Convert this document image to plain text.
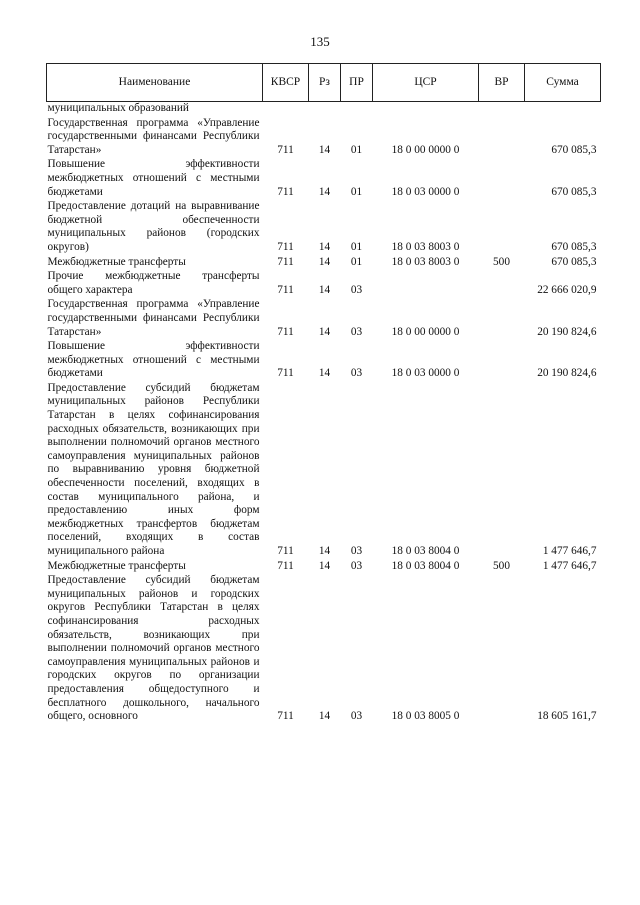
135
Наименование	КВСР	Рз	ПР	ЦСР	ВР	Сумма
муниципальных образований						
Государственная программа «Управление государственными финансами Республики Татарстан»	711	14	01	18 0 00 0000 0		670 085,3
Повышение эффективности межбюджетных отношений с местными бюджетами	711	14	01	18 0 03 0000 0		670 085,3
Предоставление дотаций на выравнивание бюджетной обеспеченности муниципальных районов (городских округов)	711	14	01	18 0 03 8003 0		670 085,3
Межбюджетные трансферты	711	14	01	18 0 03 8003 0	500	670 085,3
Прочие межбюджетные трансферты общего характера	711	14	03			22 666 020,9
Государственная программа «Управление государственными финансами Республики Татарстан»	711	14	03	18 0 00 0000 0		20 190 824,6
Повышение эффективности межбюджетных отношений с местными бюджетами	711	14	03	18 0 03 0000 0		20 190 824,6
Предоставление субсидий бюджетам муниципальных районов Республики Татарстан в целях софинансирования расходных обязательств, возникающих при выполнении полномочий органов местного самоуправления муниципальных районов по выравниванию уровня бюджетной обеспеченности поселений, входящих в состав муниципального района, и предоставлению иных форм межбюджетных трансфертов бюджетам поселений, входящих в состав муниципального района	711	14	03	18 0 03 8004 0		1 477 646,7
Межбюджетные трансферты	711	14	03	18 0 03 8004 0	500	1 477 646,7
Предоставление субсидий бюджетам муниципальных районов и городских округов Республики Татарстан в целях софинансирования расходных обязательств, возникающих при выполнении полномочий органов местного самоуправления муниципальных районов и городских округов по организации предоставления общедоступного и бесплатного дошкольного, начального общего, основного	711	14	03	18 0 03 8005 0		18 605 161,7
